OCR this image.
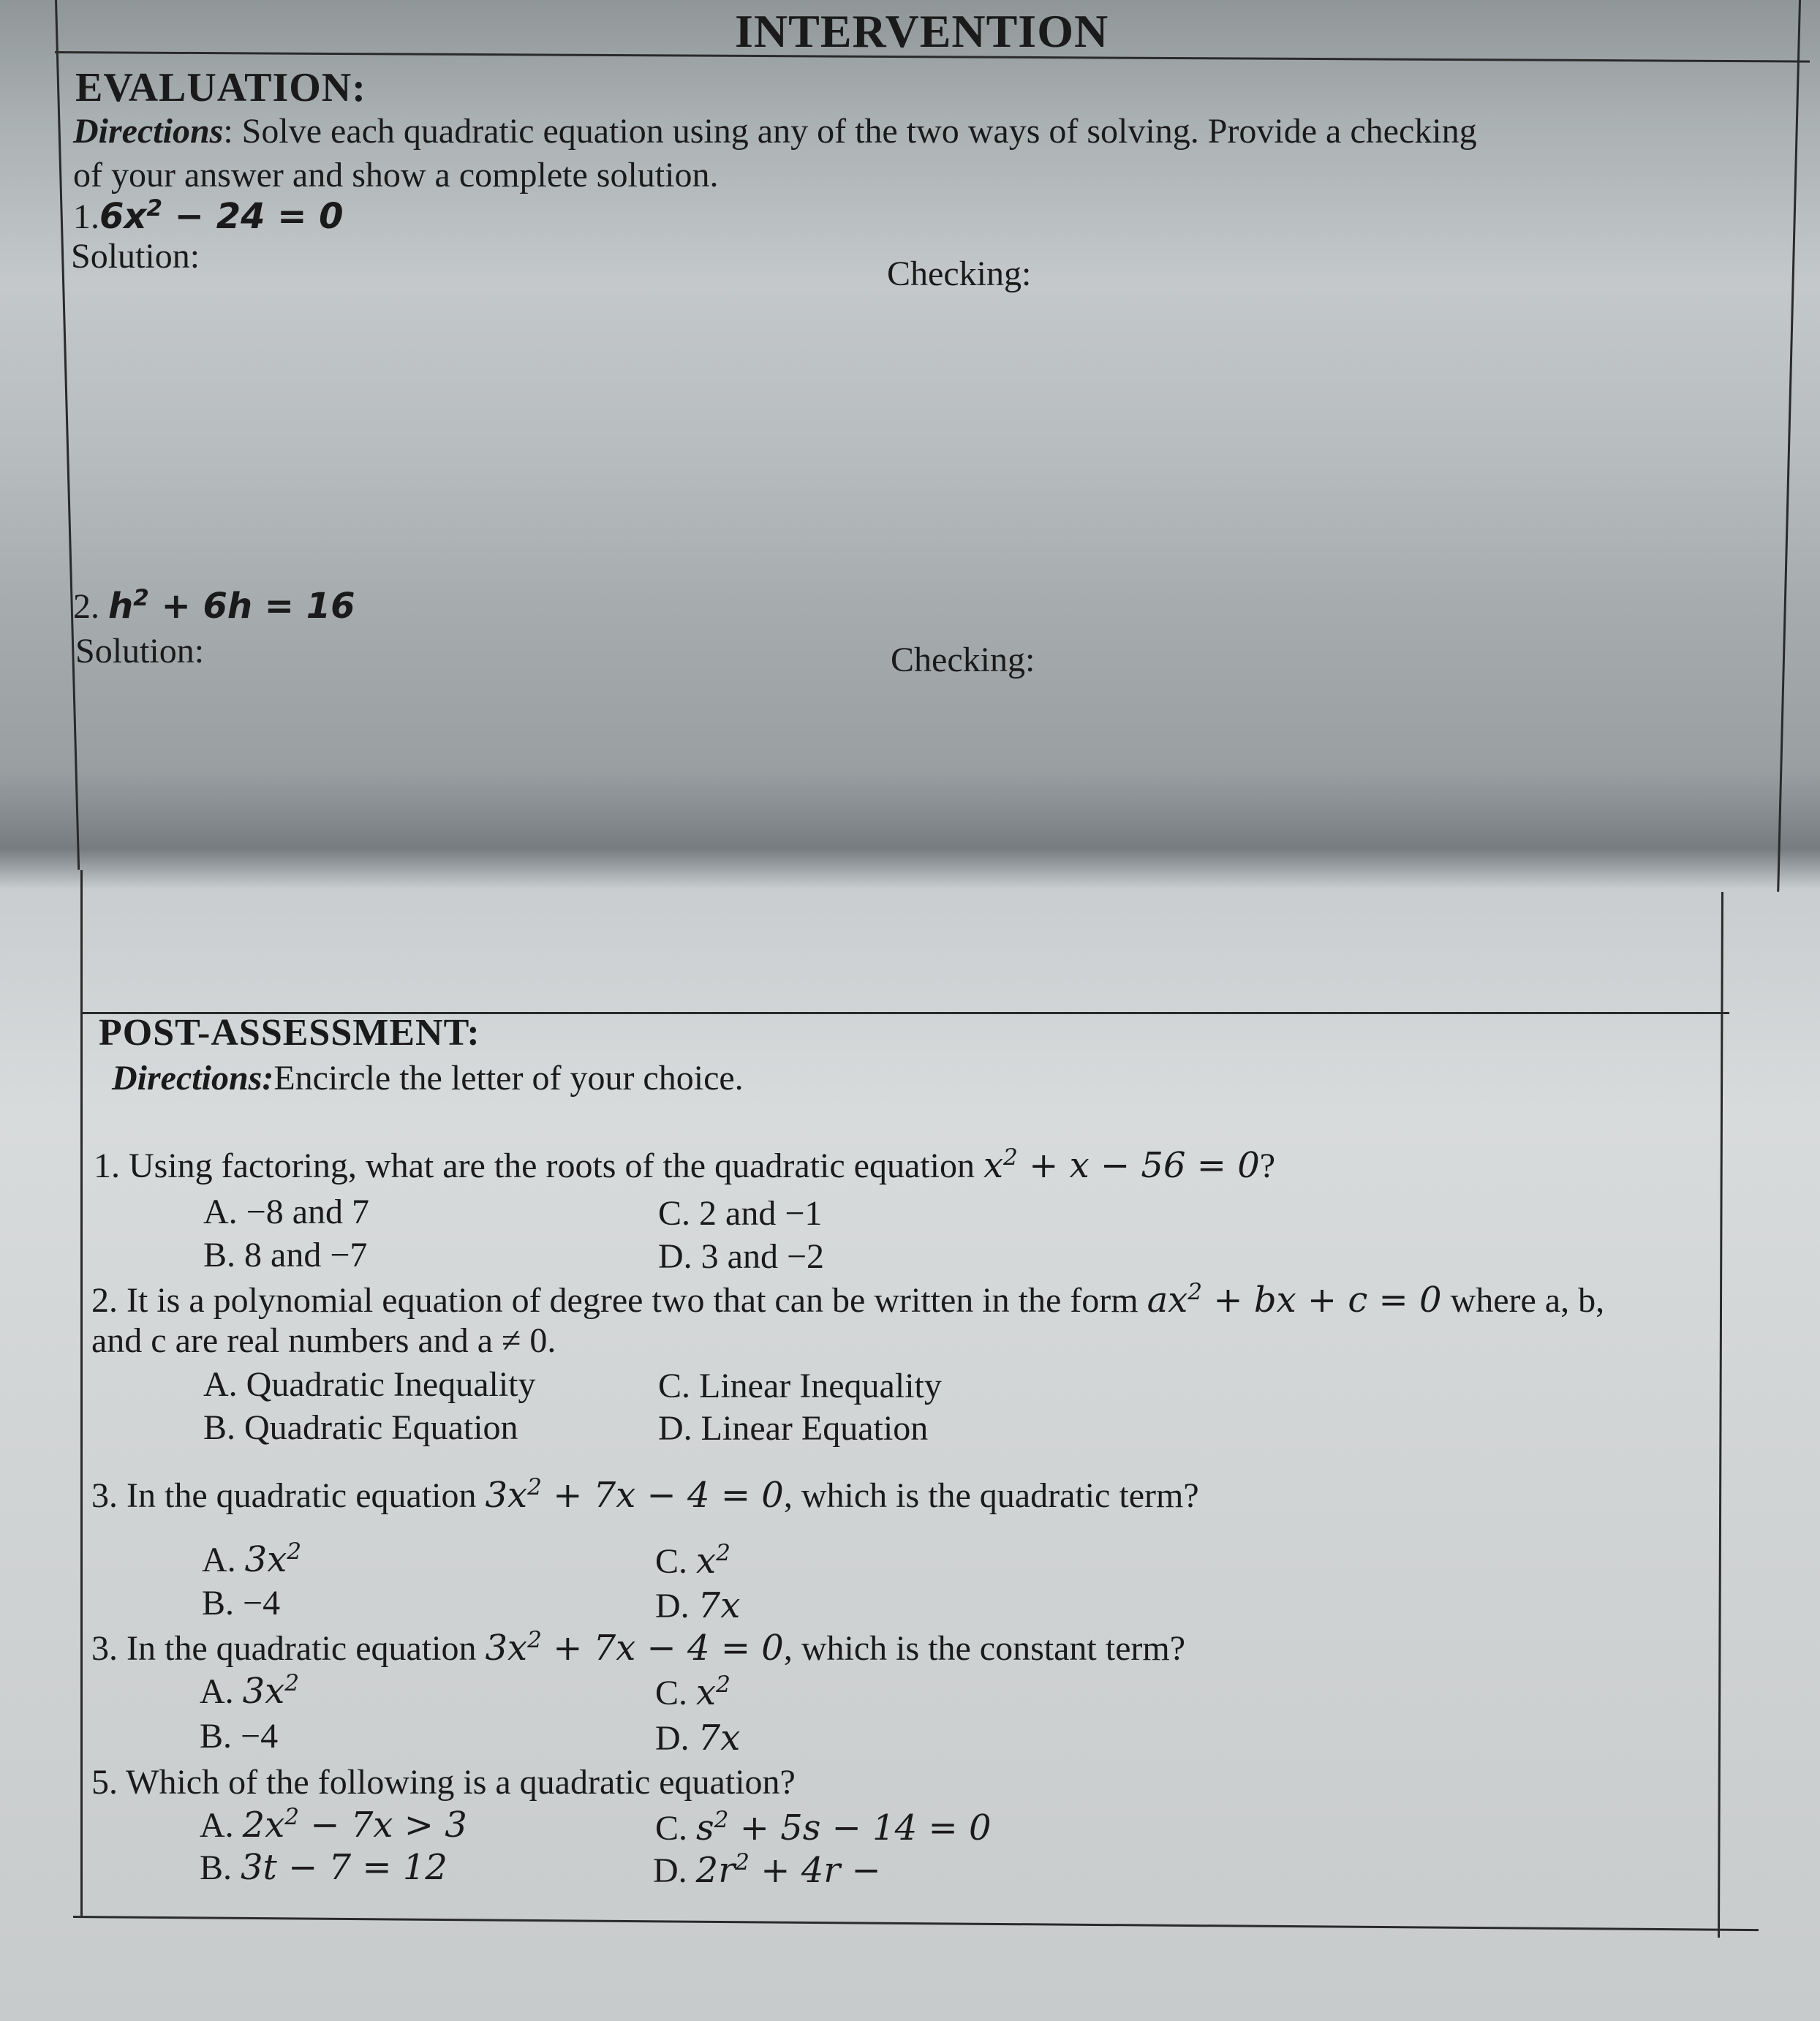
INTERVENTION
EVALUATION:
Directions: Solve each quadratic equation using any of the two ways of solving. Provide a checking
of your answer and show a complete solution.
$1.6x^2 - 24 = 0$
Solution:	Checking:
2. $h^2 + 6h = 16$
Solution:	Checking:
POST-ASSESSMENT:
Directions:Encircle the letter of your choice.
1. Using factoring, what are the roots of the quadratic equation $x^2 + x - 56 = 0$?
A. −8 and 7	C. 2 and −1
B. 8 and −7	D. 3 and −2
2. It is a polynomial equation of degree two that can be written in the form $ax^2$ + bx + c = 0 where a, b,
and c are real numbers and a ≠ 0.
A. Quadratic Inequality	C. Linear Inequality
B. Quadratic Equation	D. Linear Equation
3. In the quadratic equation $3x^2 + 7x - 4 = 0$, which is the quadratic term?
A. $3x^2$	C. $x^2$
B. −4	D. 7x
3. In the quadratic equation $3x^2 + 7x - 4 = 0$, which is the constant term?
A. $3x^2$	C. $x^2$
B. −4	D. 7x
5. Which of the following is a quadratic equation?
A. $2x^2 - 7x > 3$	C. $s^2 + 5s - 14 = 0$
B. 3t − 7 = 12	D. $2r^2 + 4r$ −
